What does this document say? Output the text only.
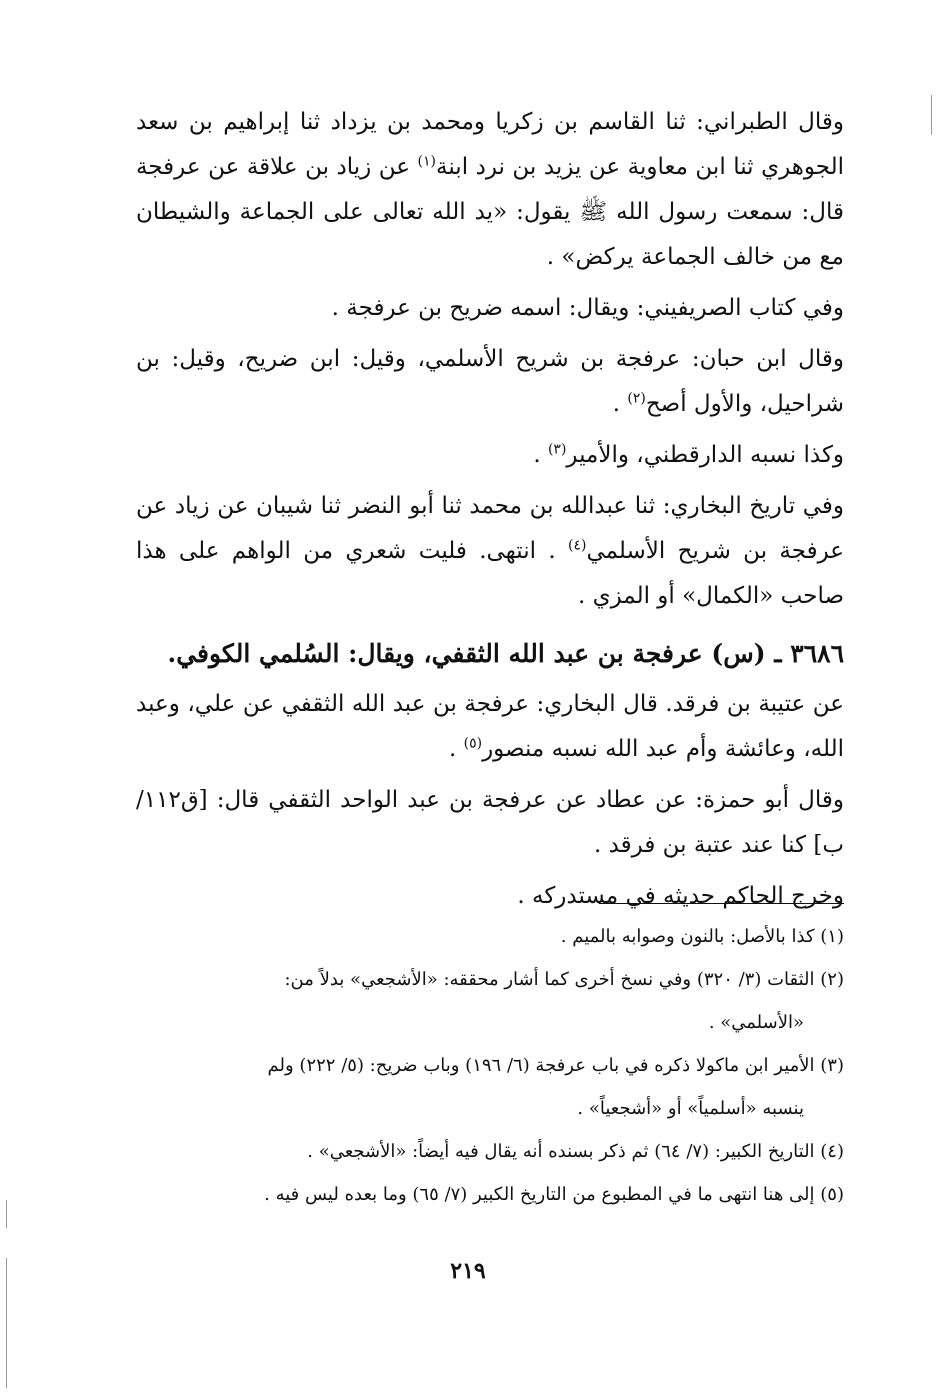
وقال الطبراني: ثنا القاسم بن زكريا ومحمد بن يزداد ثنا إبراهيم بن سعد الجوهري ثنا ابن معاوية عن يزيد بن نرد ابنة$^{(١)}$ عن زياد بن علاقة عن عرفجة قال: سمعت رسول الله ﷺ يقول: «يد الله تعالى على الجماعة والشيطان مع من خالف الجماعة يركض» .

وفي كتاب الصريفيني: ويقال: اسمه ضريح بن عرفجة .

وقال ابن حبان: عرفجة بن شريح الأسلمي، وقيل: ابن ضريح، وقيل: بن شراحيل، والأول أصح$^{(٢)}$ .

وكذا نسبه الدارقطني، والأمير$^{(٣)}$ .

وفي تاريخ البخاري: ثنا عبدالله بن محمد ثنا أبو النضر ثنا شيبان عن زياد عن عرفجة بن شريح الأسلمي$^{(٤)}$ . انتهى. فليت شعري من الواهم على هذا صاحب «الكمال» أو المزي .

٣٦٨٦ ـ (س) عرفجة بن عبد الله الثقفي، ويقال: السُلمي الكوفي.

عن عتيبة بن فرقد. قال البخاري: عرفجة بن عبد الله الثقفي عن علي، وعبد الله، وعائشة وأم عبد الله نسبه منصور$^{(٥)}$ .

وقال أبو حمزة: عن عطاد عن عرفجة بن عبد الواحد الثقفي قال: [ق١١٢/ب] كنا عند عتبة بن فرقد .

وخرج الحاكم حديثه في مستدركه .

(١) كذا بالأصل: بالنون وصوابه بالميم .

(٢) الثقات (٣/ ٣٢٠) وفي نسخ أخرى كما أشار محققه: «الأشجعي» بدلاً من:
«الأسلمي» .

(٣) الأمير ابن ماكولا ذكره في باب عرفجة (٦/ ١٩٦) وباب ضريح: (٥/ ٢٢٢) ولم
ينسبه «أسلمياً» أو «أشجعياً» .

(٤) التاريخ الكبير: (٧/ ٦٤) ثم ذكر بسنده أنه يقال فيه أيضاً: «الأشجعي» .

(٥) إلى هنا انتهى ما في المطبوع من التاريخ الكبير (٧/ ٦٥) وما بعده ليس فيه .

٢١٩
